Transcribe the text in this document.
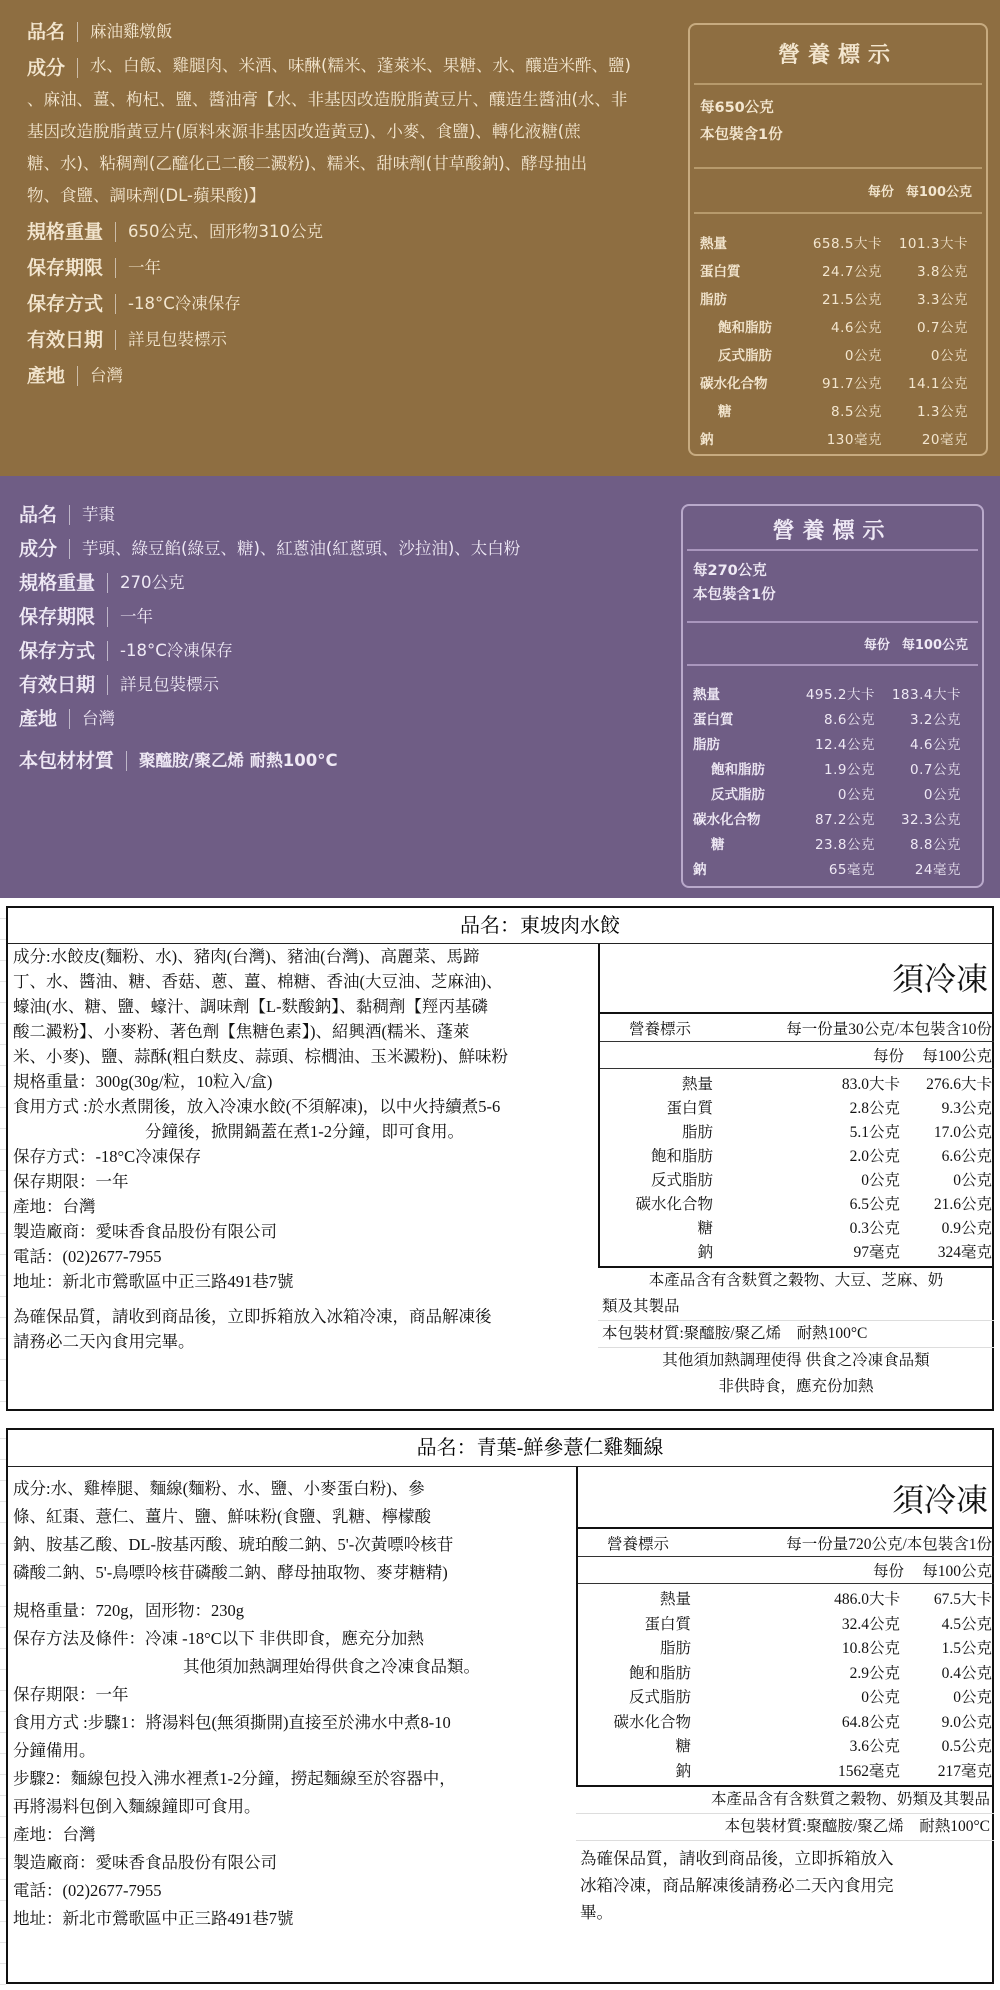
品名 麻油雞燉飯
成分 水、白飯、雞腿肉、米酒、味醂(糯米、蓬萊米、果糖、水、釀造米酢、鹽)
、麻油、薑、枸杞、鹽、醬油膏【水、非基因改造脫脂黃豆片、釀造生醬油(水、非
基因改造脫脂黃豆片(原料來源非基因改造黃豆)、小麥、食鹽)、轉化液糖(蔗
糖、水)、粘稠劑(乙醯化己二酸二澱粉)、糯米、甜味劑(甘草酸鈉)、酵母抽出
物、食鹽、調味劑(DL-蘋果酸)】
規格重量 650公克、固形物310公克
保存期限 一年
保存方式 -18°C冷凍保存
有效日期 詳見包裝標示
產地 台灣
營養標示
每650公克
本包裝含1份
每份 每100公克
熱量	658.5大卡	101.3大卡
蛋白質	24.7公克	3.8公克
脂肪	21.5公克	3.3公克
飽和脂肪	4.6公克	0.7公克
反式脂肪	0公克	0公克
碳水化合物	91.7公克	14.1公克
糖	8.5公克	1.3公克
鈉	130毫克	20毫克
品名 芋棗
成分 芋頭、綠豆餡(綠豆、糖)、紅蔥油(紅蔥頭、沙拉油)、太白粉
規格重量 270公克
保存期限 一年
保存方式 -18°C冷凍保存
有效日期 詳見包裝標示
產地 台灣
本包材材質 聚醯胺/聚乙烯 耐熱100°C
營養標示
每270公克
本包裝含1份
每份 每100公克
熱量	495.2大卡	183.4大卡
蛋白質	8.6公克	3.2公克
脂肪	12.4公克	4.6公克
飽和脂肪	1.9公克	0.7公克
反式脂肪	0公克	0公克
碳水化合物	87.2公克	32.3公克
糖	23.8公克	8.8公克
鈉	65毫克	24毫克
品名：東坡肉水餃
成分:水餃皮(麵粉、水)、豬肉(台灣)、豬油(台灣)、高麗菜、馬蹄
丁、水、醬油、糖、香菇、蔥、薑、棉糖、香油(大豆油、芝麻油)、
蠔油(水、糖、鹽、蠔汁、調味劑【L-麩酸鈉】、黏稠劑【羥丙基磷
酸二澱粉】、小麥粉、著色劑【焦糖色素】)、紹興酒(糯米、蓬萊
米、小麥)、鹽、蒜酥(粗白麩皮、蒜頭、棕櫚油、玉米澱粉)、鮮味粉
規格重量：300g(30g/粒，10粒入/盒)
食用方式 :於水煮開後，放入冷凍水餃(不須解凍)，以中火持續煮5-6
分鐘後，掀開鍋蓋在煮1-2分鐘，即可食用。
保存方式：-18°C冷凍保存
保存期限：一年
產地：台灣
製造廠商：愛味香食品股份有限公司
電話：(02)2677-7955
地址：新北市鶯歌區中正三路491巷7號
為確保品質，請收到商品後，立即拆箱放入冰箱冷凍，商品解凍後
請務必二天內食用完畢。
須冷凍
營養標示	每一份量30公克/本包裝含10份
每份	每100公克
熱量	83.0大卡	276.6大卡
蛋白質	2.8公克	9.3公克
脂肪	5.1公克	17.0公克
飽和脂肪	2.0公克	6.6公克
反式脂肪	0公克	0公克
碳水化合物	6.5公克	21.6公克
糖	0.3公克	0.9公克
鈉	97毫克	324毫克
本產品含有含麩質之穀物、大豆、芝麻、奶
類及其製品
本包裝材質:聚醯胺/聚乙烯　耐熱100°C
其他須加熱調理使得 供食之冷凍食品類
非供時食，應充份加熱
品名：青葉-鮮參薏仁雞麵線
成分:水、雞棒腿、麵線(麵粉、水、鹽、小麥蛋白粉)、參
條、紅棗、薏仁、薑片、鹽、鮮味粉(食鹽、乳糖、檸檬酸
鈉、胺基乙酸、DL-胺基丙酸、琥珀酸二鈉、5'-次黃嘌呤核苷
磷酸二鈉、5'-鳥嘌呤核苷磷酸二鈉、酵母抽取物、麥芽糖精)
規格重量：720g，固形物：230g
保存方法及條件：冷凍 -18°C以下 非供即食，應充分加熱
其他須加熱調理始得供食之冷凍食品類。
保存期限：一年
食用方式 :步驟1：將湯料包(無須撕開)直接至於沸水中煮8-10
分鐘備用。
步驟2：麵線包投入沸水裡煮1-2分鐘，撈起麵線至於容器中，
再將湯料包倒入麵線鐘即可食用。
產地：台灣
製造廠商：愛味香食品股份有限公司
電話：(02)2677-7955
地址：新北市鶯歌區中正三路491巷7號
須冷凍
營養標示	每一份量720公克/本包裝含1份
每份	每100公克
熱量	486.0大卡	67.5大卡
蛋白質	32.4公克	4.5公克
脂肪	10.8公克	1.5公克
飽和脂肪	2.9公克	0.4公克
反式脂肪	0公克	0公克
碳水化合物	64.8公克	9.0公克
糖	3.6公克	0.5公克
鈉	1562毫克	217毫克
本產品含有含麩質之穀物、奶類及其製品
本包裝材質:聚醯胺/聚乙烯　耐熱100°C
為確保品質，請收到商品後，立即拆箱放入
冰箱冷凍，商品解凍後請務必二天內食用完
畢。
